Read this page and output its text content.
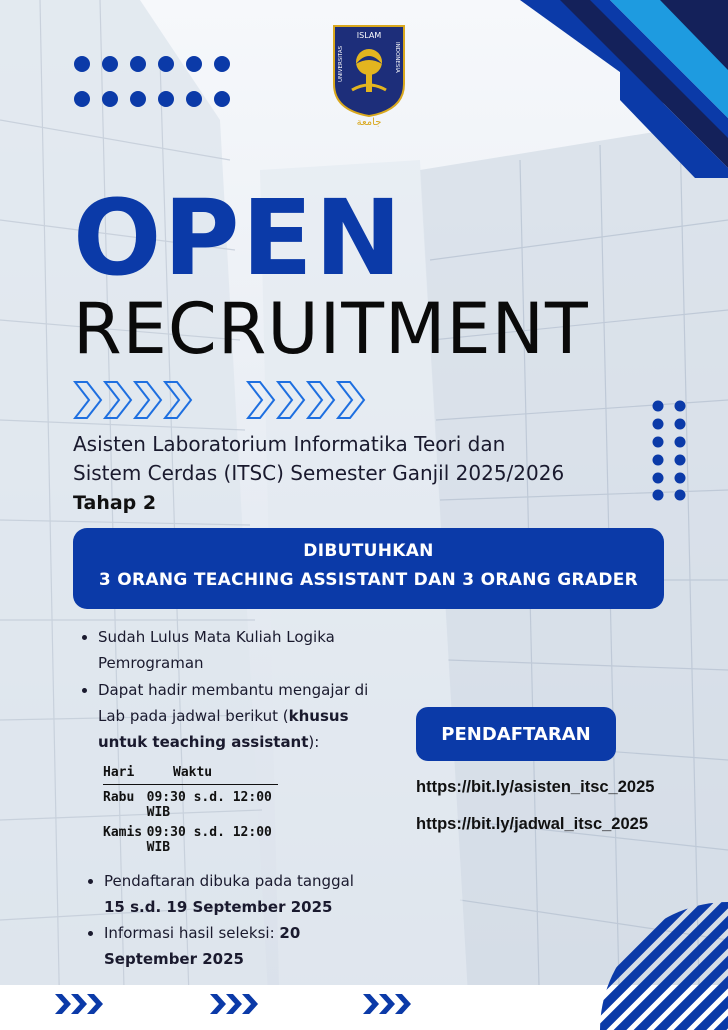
ISLAM
UNIVERSITAS	INDONESIA
جامعة
OPEN
RECRUITMENT
Asisten Laboratorium Informatika Teori dan
Sistem Cerdas (ITSC) Semester Ganjil 2025/2026
Tahap 2
DIBUTUHKAN
3 ORANG TEACHING ASSISTANT DAN 3 ORANG GRADER
• Sudah Lulus Mata Kuliah Logika Pemrograman
• Dapat hadir membantu mengajar di Lab pada jadwal berikut (khusus untuk teaching assistant):
Hari	Waktu
Rabu 09:30 s.d. 12:00 WIB
Kamis 09:30 s.d. 12:00 WIB
• Pendaftaran dibuka pada tanggal
15 s.d. 19 September 2025
• Informasi hasil seleksi: 20 September 2025
PENDAFTARAN
https://bit.ly/asisten_itsc_2025
https://bit.ly/jadwal_itsc_2025
